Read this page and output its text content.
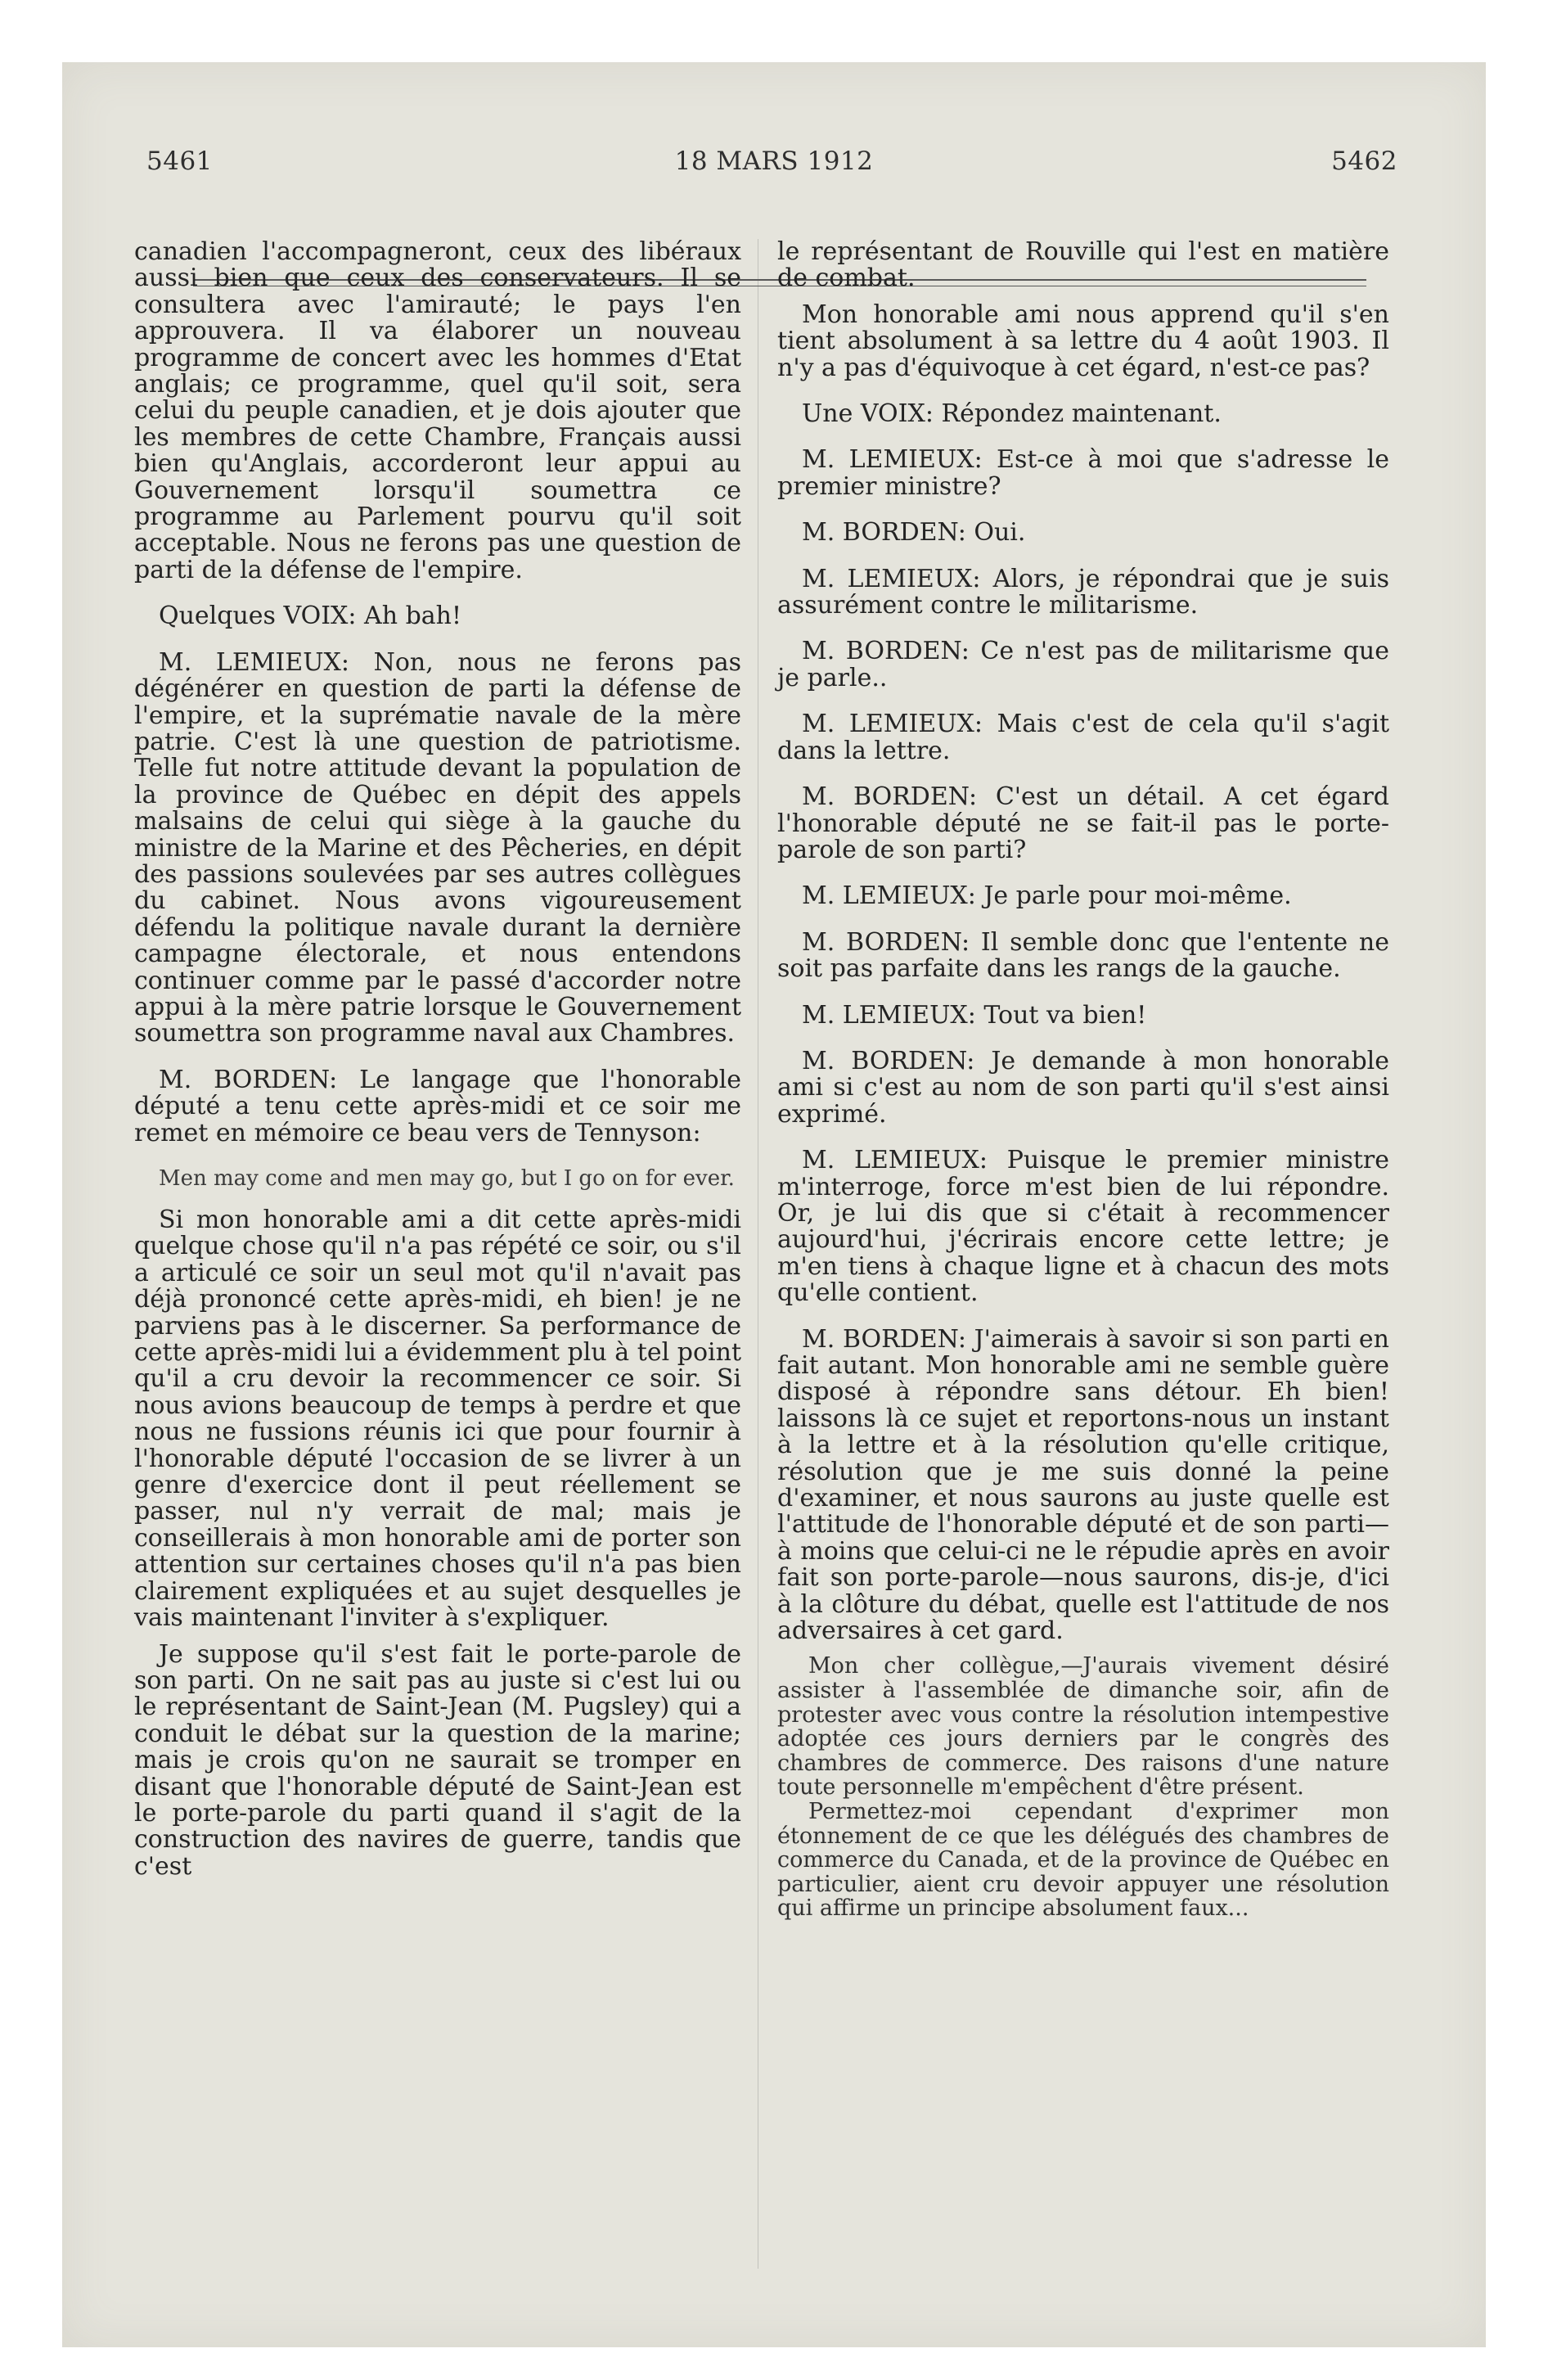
5461	18 MARS 1912	5462

canadien l'accompagneront, ceux des libéraux aussi bien que ceux des conservateurs. Il se consultera avec l'amirauté; le pays l'en approuvera. Il va élaborer un nouveau programme de concert avec les hommes d'Etat anglais; ce programme, quel qu'il soit, sera celui du peuple canadien, et je dois ajouter que les membres de cette Chambre, Français aussi bien qu'Anglais, accorderont leur appui au Gouvernement lorsqu'il soumettra ce programme au Parlement pourvu qu'il soit acceptable. Nous ne ferons pas une question de parti de la défense de l'empire.

Quelques VOIX: Ah bah!

M. LEMIEUX: Non, nous ne ferons pas dégénérer en question de parti la défense de l'empire, et la suprématie navale de la mère patrie. C'est là une question de patriotisme. Telle fut notre attitude devant la population de la province de Québec en dépit des appels malsains de celui qui siège à la gauche du ministre de la Marine et des Pêcheries, en dépit des passions soulevées par ses autres collègues du cabinet. Nous avons vigoureusement défendu la politique navale durant la dernière campagne électorale, et nous entendons continuer comme par le passé d'accorder notre appui à la mère patrie lorsque le Gouvernement soumettra son programme naval aux Chambres.

M. BORDEN: Le langage que l'honorable député a tenu cette après-midi et ce soir me remet en mémoire ce beau vers de Tennyson:

Men may come and men may go, but I go on for ever.

Si mon honorable ami a dit cette après-midi quelque chose qu'il n'a pas répété ce soir, ou s'il a articulé ce soir un seul mot qu'il n'avait pas déjà prononcé cette après-midi, eh bien! je ne parviens pas à le discerner. Sa performance de cette après-midi lui a évidemment plu à tel point qu'il a cru devoir la recommencer ce soir. Si nous avions beaucoup de temps à perdre et que nous ne fussions réunis ici que pour fournir à l'honorable député l'occasion de se livrer à un genre d'exercice dont il peut réellement se passer, nul n'y verrait de mal; mais je conseillerais à mon honorable ami de porter son attention sur certaines choses qu'il n'a pas bien clairement expliquées et au sujet desquelles je vais maintenant l'inviter à s'expliquer.

Je suppose qu'il s'est fait le porte-parole de son parti. On ne sait pas au juste si c'est lui ou le représentant de Saint-Jean (M. Pugsley) qui a conduit le débat sur la question de la marine; mais je crois qu'on ne saurait se tromper en disant que l'honorable député de Saint-Jean est le porte-parole du parti quand il s'agit de la construction des navires de guerre, tandis que c'est

le représentant de Rouville qui l'est en matière de combat.

Mon honorable ami nous apprend qu'il s'en tient absolument à sa lettre du 4 août 1903. Il n'y a pas d'équivoque à cet égard, n'est-ce pas?

Une VOIX: Répondez maintenant.

M. LEMIEUX: Est-ce à moi que s'adresse le premier ministre?

M. BORDEN: Oui.

M. LEMIEUX: Alors, je répondrai que je suis assurément contre le militarisme.

M. BORDEN: Ce n'est pas de militarisme que je parle..

M. LEMIEUX: Mais c'est de cela qu'il s'agit dans la lettre.

M. BORDEN: C'est un détail. A cet égard l'honorable député ne se fait-il pas le porte-parole de son parti?

M. LEMIEUX: Je parle pour moi-même.

M. BORDEN: Il semble donc que l'entente ne soit pas parfaite dans les rangs de la gauche.

M. LEMIEUX: Tout va bien!

M. BORDEN: Je demande à mon honorable ami si c'est au nom de son parti qu'il s'est ainsi exprimé.

M. LEMIEUX: Puisque le premier ministre m'interroge, force m'est bien de lui répondre. Or, je lui dis que si c'était à recommencer aujourd'hui, j'écrirais encore cette lettre; je m'en tiens à chaque ligne et à chacun des mots qu'elle contient.

M. BORDEN: J'aimerais à savoir si son parti en fait autant. Mon honorable ami ne semble guère disposé à répondre sans détour. Eh bien! laissons là ce sujet et reportons-nous un instant à la lettre et à la résolution qu'elle critique, résolution que je me suis donné la peine d'examiner, et nous saurons au juste quelle est l'attitude de l'honorable député et de son parti—à moins que celui-ci ne le répudie après en avoir fait son porte-parole—nous saurons, dis-je, d'ici à la clôture du débat, quelle est l'attitude de nos adversaires à cet gard.

Mon cher collègue,—J'aurais vivement désiré assister à l'assemblée de dimanche soir, afin de protester avec vous contre la résolution intempestive adoptée ces jours derniers par le congrès des chambres de commerce. Des raisons d'une nature toute personnelle m'empêchent d'être présent.

Permettez-moi cependant d'exprimer mon étonnement de ce que les délégués des chambres de commerce du Canada, et de la province de Québec en particulier, aient cru devoir appuyer une résolution qui affirme un principe absolument faux...
